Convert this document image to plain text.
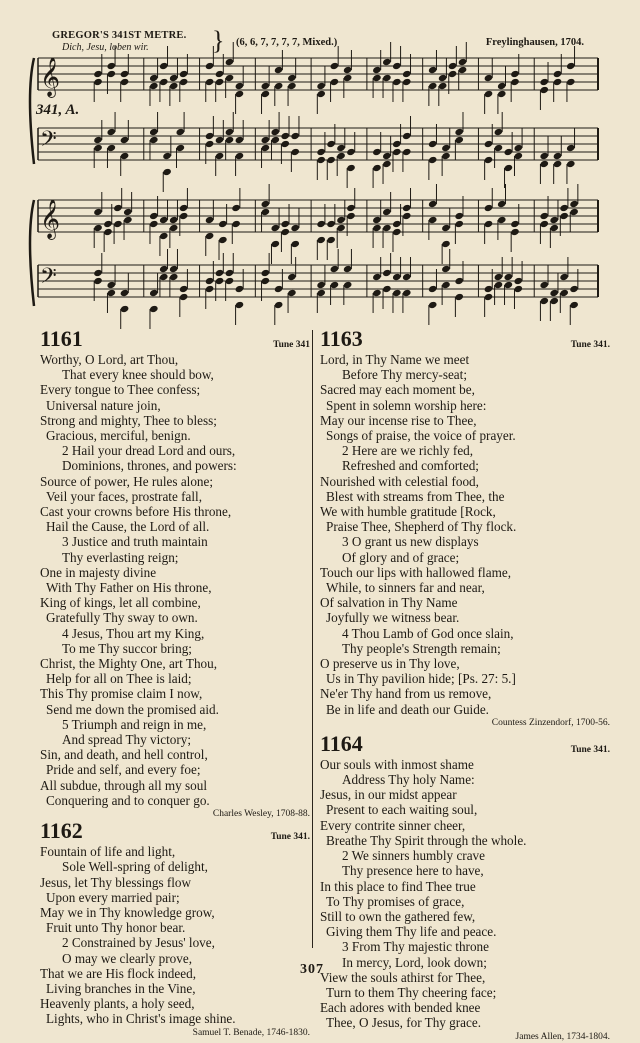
GREGOR'S 341ST METRE.
Dich, Jesu, loben wir. } (6, 6, 7, 7, 7, 7, Mixed.)	Freylinghausen, 1704.
341, A.
𝄞
𝄢
𝄞
𝄢
1161	Tune 341
Worthy, O Lord, art Thou,
That every knee should bow,
Every tongue to Thee confess;
Universal nature join,
Strong and mighty, Thee to bless;
Gracious, merciful, benign.
2 Hail your dread Lord and ours,
Dominions, thrones, and powers:
Source of power, He rules alone;
Veil your faces, prostrate fall,
Cast your crowns before His throne,
Hail the Cause, the Lord of all.
3 Justice and truth maintain
Thy everlasting reign;
One in majesty divine
With Thy Father on His throne,
King of kings, let all combine,
Gratefully Thy sway to own.
4 Jesus, Thou art my King,
To me Thy succor bring;
Christ, the Mighty One, art Thou,
Help for all on Thee is laid;
This Thy promise claim I now,
Send me down the promised aid.
5 Triumph and reign in me,
And spread Thy victory;
Sin, and death, and hell control,
Pride and self, and every foe;
All subdue, through all my soul
Conquering and to conquer go.
Charles Wesley, 1708-88.
1162	Tune 341.
Fountain of life and light,
Sole Well-spring of delight,
Jesus, let Thy blessings flow
Upon every married pair;
May we in Thy knowledge grow,
Fruit unto Thy honor bear.
2 Constrained by Jesus' love,
O may we clearly prove,
That we are His flock indeed,
Living branches in the Vine,
Heavenly plants, a holy seed,
Lights, who in Christ's image shine.
Samuel T. Benade, 1746-1830.
1163	Tune 341.
Lord, in Thy Name we meet
Before Thy mercy-seat;
Sacred may each moment be,
Spent in solemn worship here:
May our incense rise to Thee,
Songs of praise, the voice of prayer.
2 Here are we richly fed,
Refreshed and comforted;
Nourished with celestial food,
Blest with streams from Thee, the
We with humble gratitude [Rock,
Praise Thee, Shepherd of Thy flock.
3 O grant us new displays
Of glory and of grace;
Touch our lips with hallowed flame,
While, to sinners far and near,
Of salvation in Thy Name
Joyfully we witness bear.
4 Thou Lamb of God once slain,
Thy people's Strength remain;
O preserve us in Thy love,
Us in Thy pavilion hide; [Ps. 27: 5.]
Ne'er Thy hand from us remove,
Be in life and death our Guide.
Countess Zinzendorf, 1700-56.
1164	Tune 341.
Our souls with inmost shame
Address Thy holy Name:
Jesus, in our midst appear
Present to each waiting soul,
Every contrite sinner cheer,
Breathe Thy Spirit through the whole.
2 We sinners humbly crave
Thy presence here to have,
In this place to find Thee true
To Thy promises of grace,
Still to own the gathered few,
Giving them Thy life and peace.
3 From Thy majestic throne
In mercy, Lord, look down;
View the souls athirst for Thee,
Turn to them Thy cheering face;
Each adores with bended knee
Thee, O Jesus, for Thy grace.
James Allen, 1734-1804.
307
